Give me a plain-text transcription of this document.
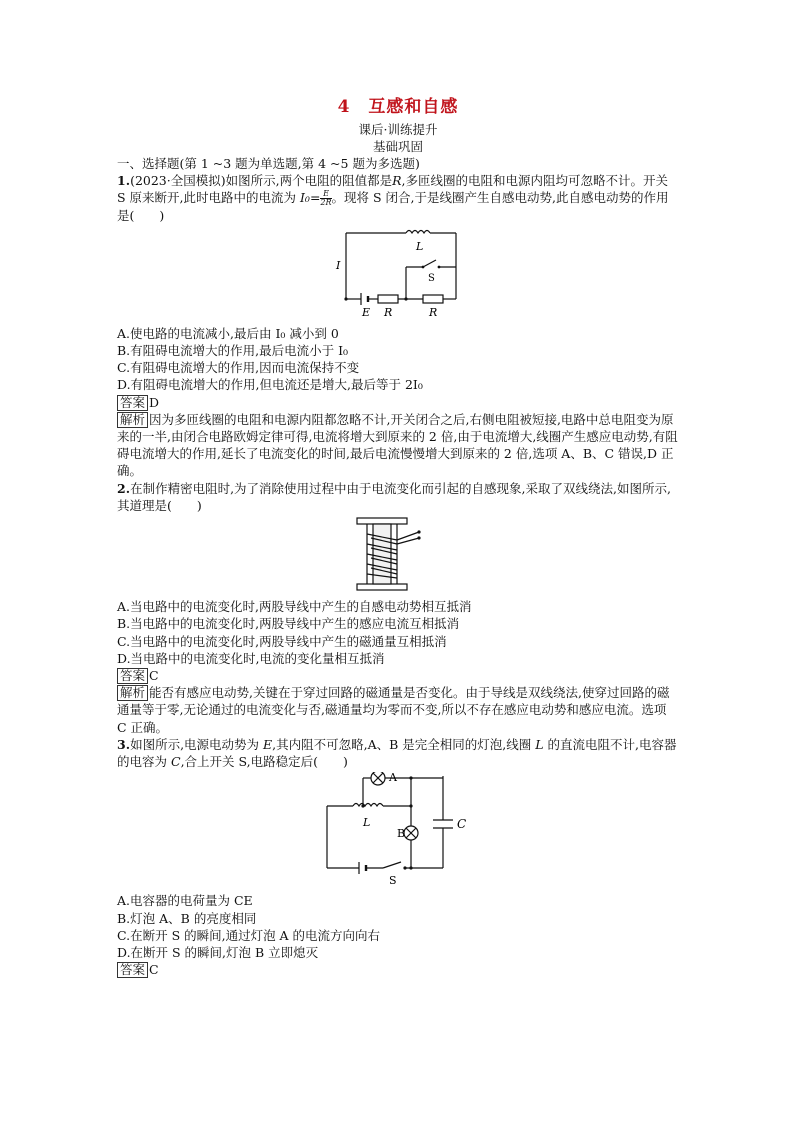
4　互感和自感
课后·训练提升
基础巩固

一、选择题(第 1 ~3 题为单选题,第 4 ~5 题为多选题)

1.(2023·全国模拟)如图所示,两个电阻的阻值都是R,多匝线圈的电阻和电源内阻均可忽略不计。开关 S 原来断开,此时电路中的电流为 $I_0= \frac{E}{2R}$ 。现将 S 闭合,于是线圈产生自感电动势,此自感电动势的作用是(　　)

L
I
S
E R	R

A.使电路的电流减小,最后由 I₀ 减小到 0

B.有阻碍电流增大的作用,最后电流小于 I₀

C.有阻碍电流增大的作用,因而电流保持不变

D.有阻碍电流增大的作用,但电流还是增大,最后等于 2I₀

答案 D

解析 因为多匝线圈的电阻和电源内阻都忽略不计,开关闭合之后,右侧电阻被短接,电路中总电阻变为原来的一半,由闭合电路欧姆定律可得,电流将增大到原来的 2 倍,由于电流增大,线圈产生感应电动势,有阻碍电流增大的作用,延长了电流变化的时间,最后电流慢慢增大到原来的 2 倍,选项 A、B、C 错误,D 正确。

2.在制作精密电阻时,为了消除使用过程中由于电流变化而引起的自感现象,采取了双线绕法,如图所示,其道理是(　　)

A.当电路中的电流变化时,两股导线中产生的自感电动势相互抵消

B.当电路中的电流变化时,两股导线中产生的感应电流互相抵消

C.当电路中的电流变化时,两股导线中产生的磁通量互相抵消

D.当电路中的电流变化时,电流的变化量相互抵消

答案 C

解析 能否有感应电动势,关键在于穿过回路的磁通量是否变化。由于导线是双线绕法,使穿过回路的磁通量等于零,无论通过的电流变化与否,磁通量均为零而不变,所以不存在感应电动势和感应电流。选项 C 正确。

3.如图所示,电源电动势为 E,其内阻不可忽略,A、B 是完全相同的灯泡,线圈 L 的直流电阻不计,电容器的电容为 C,合上开关 S,电路稳定后(　　)

A
L
B
C
S

A.电容器的电荷量为 CE

B.灯泡 A、B 的亮度相同

C.在断开 S 的瞬间,通过灯泡 A 的电流方向向右

D.在断开 S 的瞬间,灯泡 B 立即熄灭

答案 C
